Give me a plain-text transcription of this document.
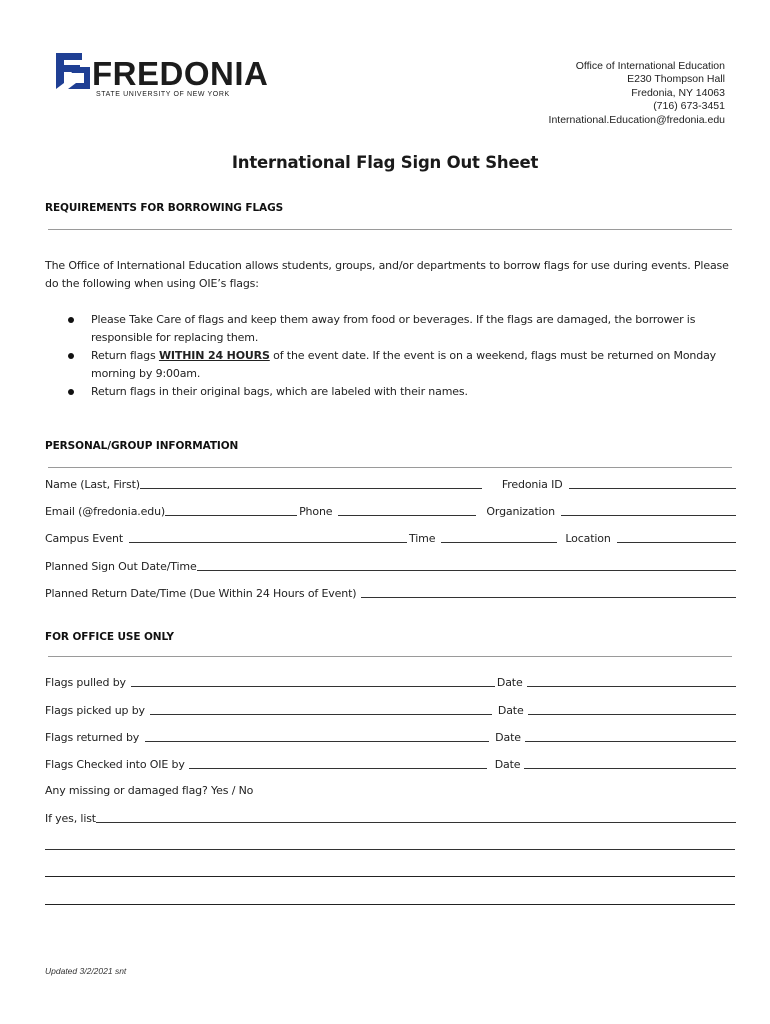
FREDONIA
STATE UNIVERSITY OF NEW YORK
Office of International Education
E230 Thompson Hall
Fredonia, NY 14063
(716) 673-3451
International.Education@fredonia.edu
International Flag Sign Out Sheet
REQUIREMENTS FOR BORROWING FLAGS
The Office of International Education allows students, groups, and/or departments to borrow flags for use during events. Please do the following when using OIE’s flags:
Please Take Care of flags and keep them away from food or beverages. If the flags are damaged, the borrower is responsible for replacing them.
Return flags WITHIN 24 HOURS of the event date. If the event is on a weekend, flags must be returned on Monday morning by 9:00am.
Return flags in their original bags, which are labeled with their names.
PERSONAL/GROUP INFORMATION
Name (Last, First)	Fredonia ID
Email (@fredonia.edu)	Phone	Organization
Campus Event	Time	Location
Planned Sign Out Date/Time
Planned Return Date/Time (Due Within 24 Hours of Event)
FOR OFFICE USE ONLY
Flags pulled by	Date
Flags picked up by	Date
Flags returned by	Date
Flags Checked into OIE by	Date
Any missing or damaged flag? Yes / No
If yes, list
Updated 3/2/2021 snt
